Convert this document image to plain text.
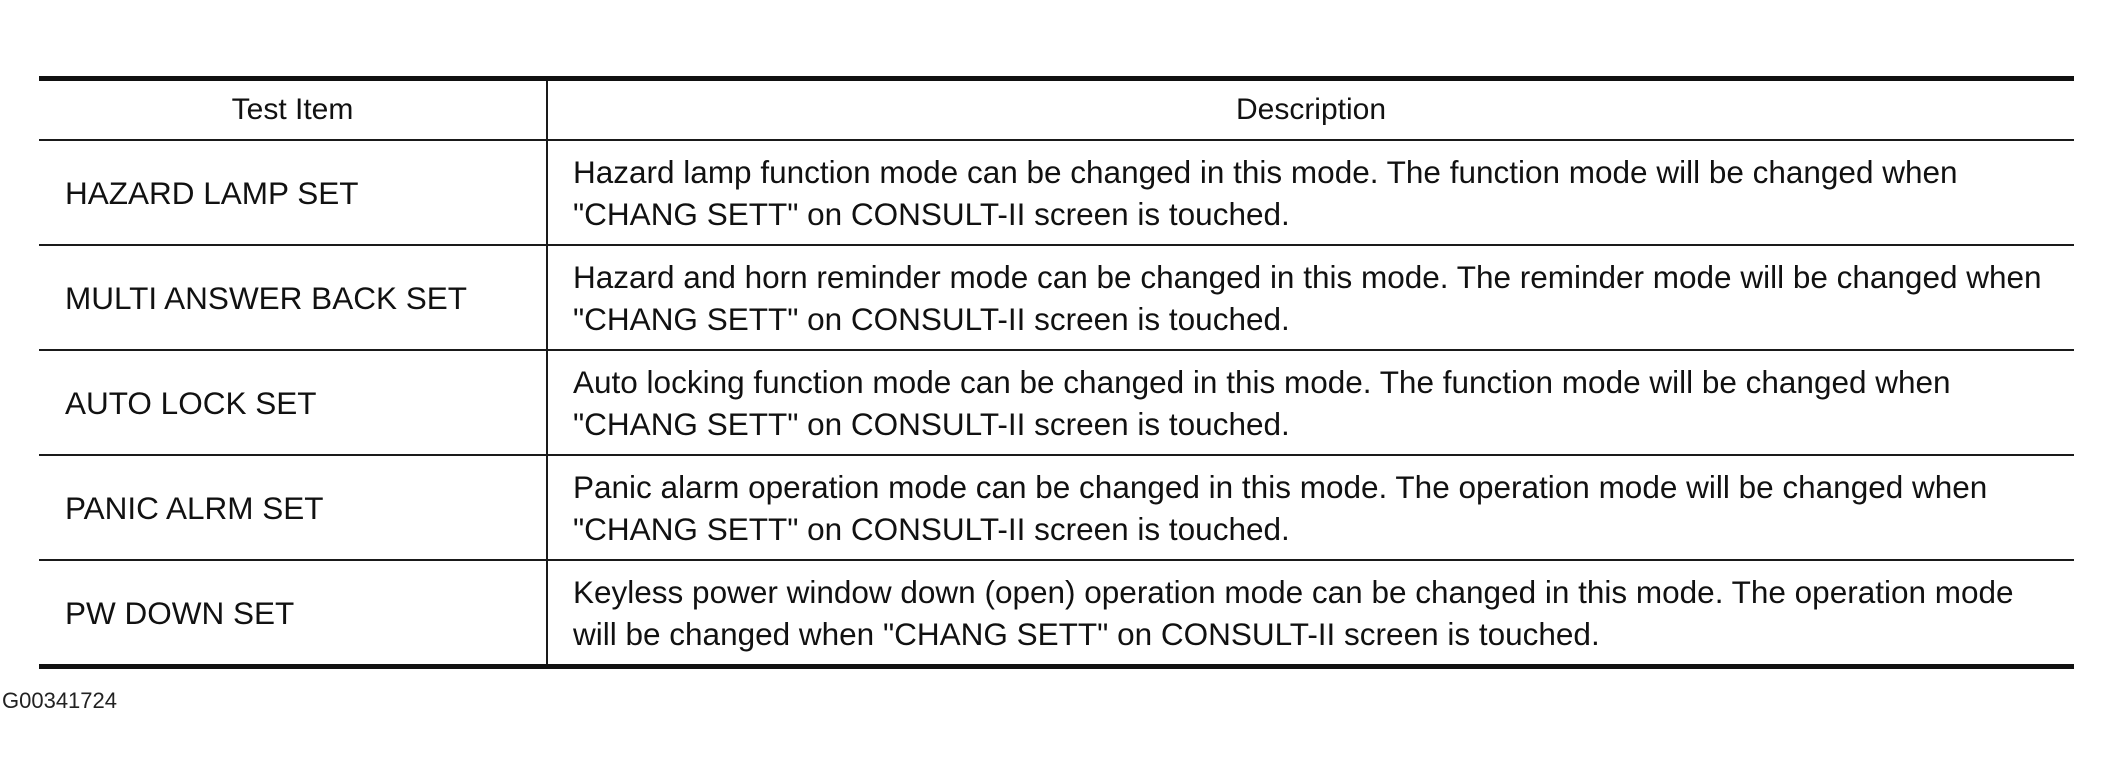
Test Item	Description
HAZARD LAMP SET	Hazard lamp function mode can be changed in this mode. The function mode will be changed when "CHANG SETT" on CONSULT-II screen is touched.
MULTI ANSWER BACK SET	Hazard and horn reminder mode can be changed in this mode. The reminder mode will be changed when "CHANG SETT" on CONSULT-II screen is touched.
AUTO LOCK SET	Auto locking function mode can be changed in this mode. The function mode will be changed when "CHANG SETT" on CONSULT-II screen is touched.
PANIC ALRM SET	Panic alarm operation mode can be changed in this mode. The operation mode will be changed when "CHANG SETT" on CONSULT-II screen is touched.
PW DOWN SET	Keyless power window down (open) operation mode can be changed in this mode. The operation mode will be changed when "CHANG SETT" on CONSULT-II screen is touched.
G00341724
